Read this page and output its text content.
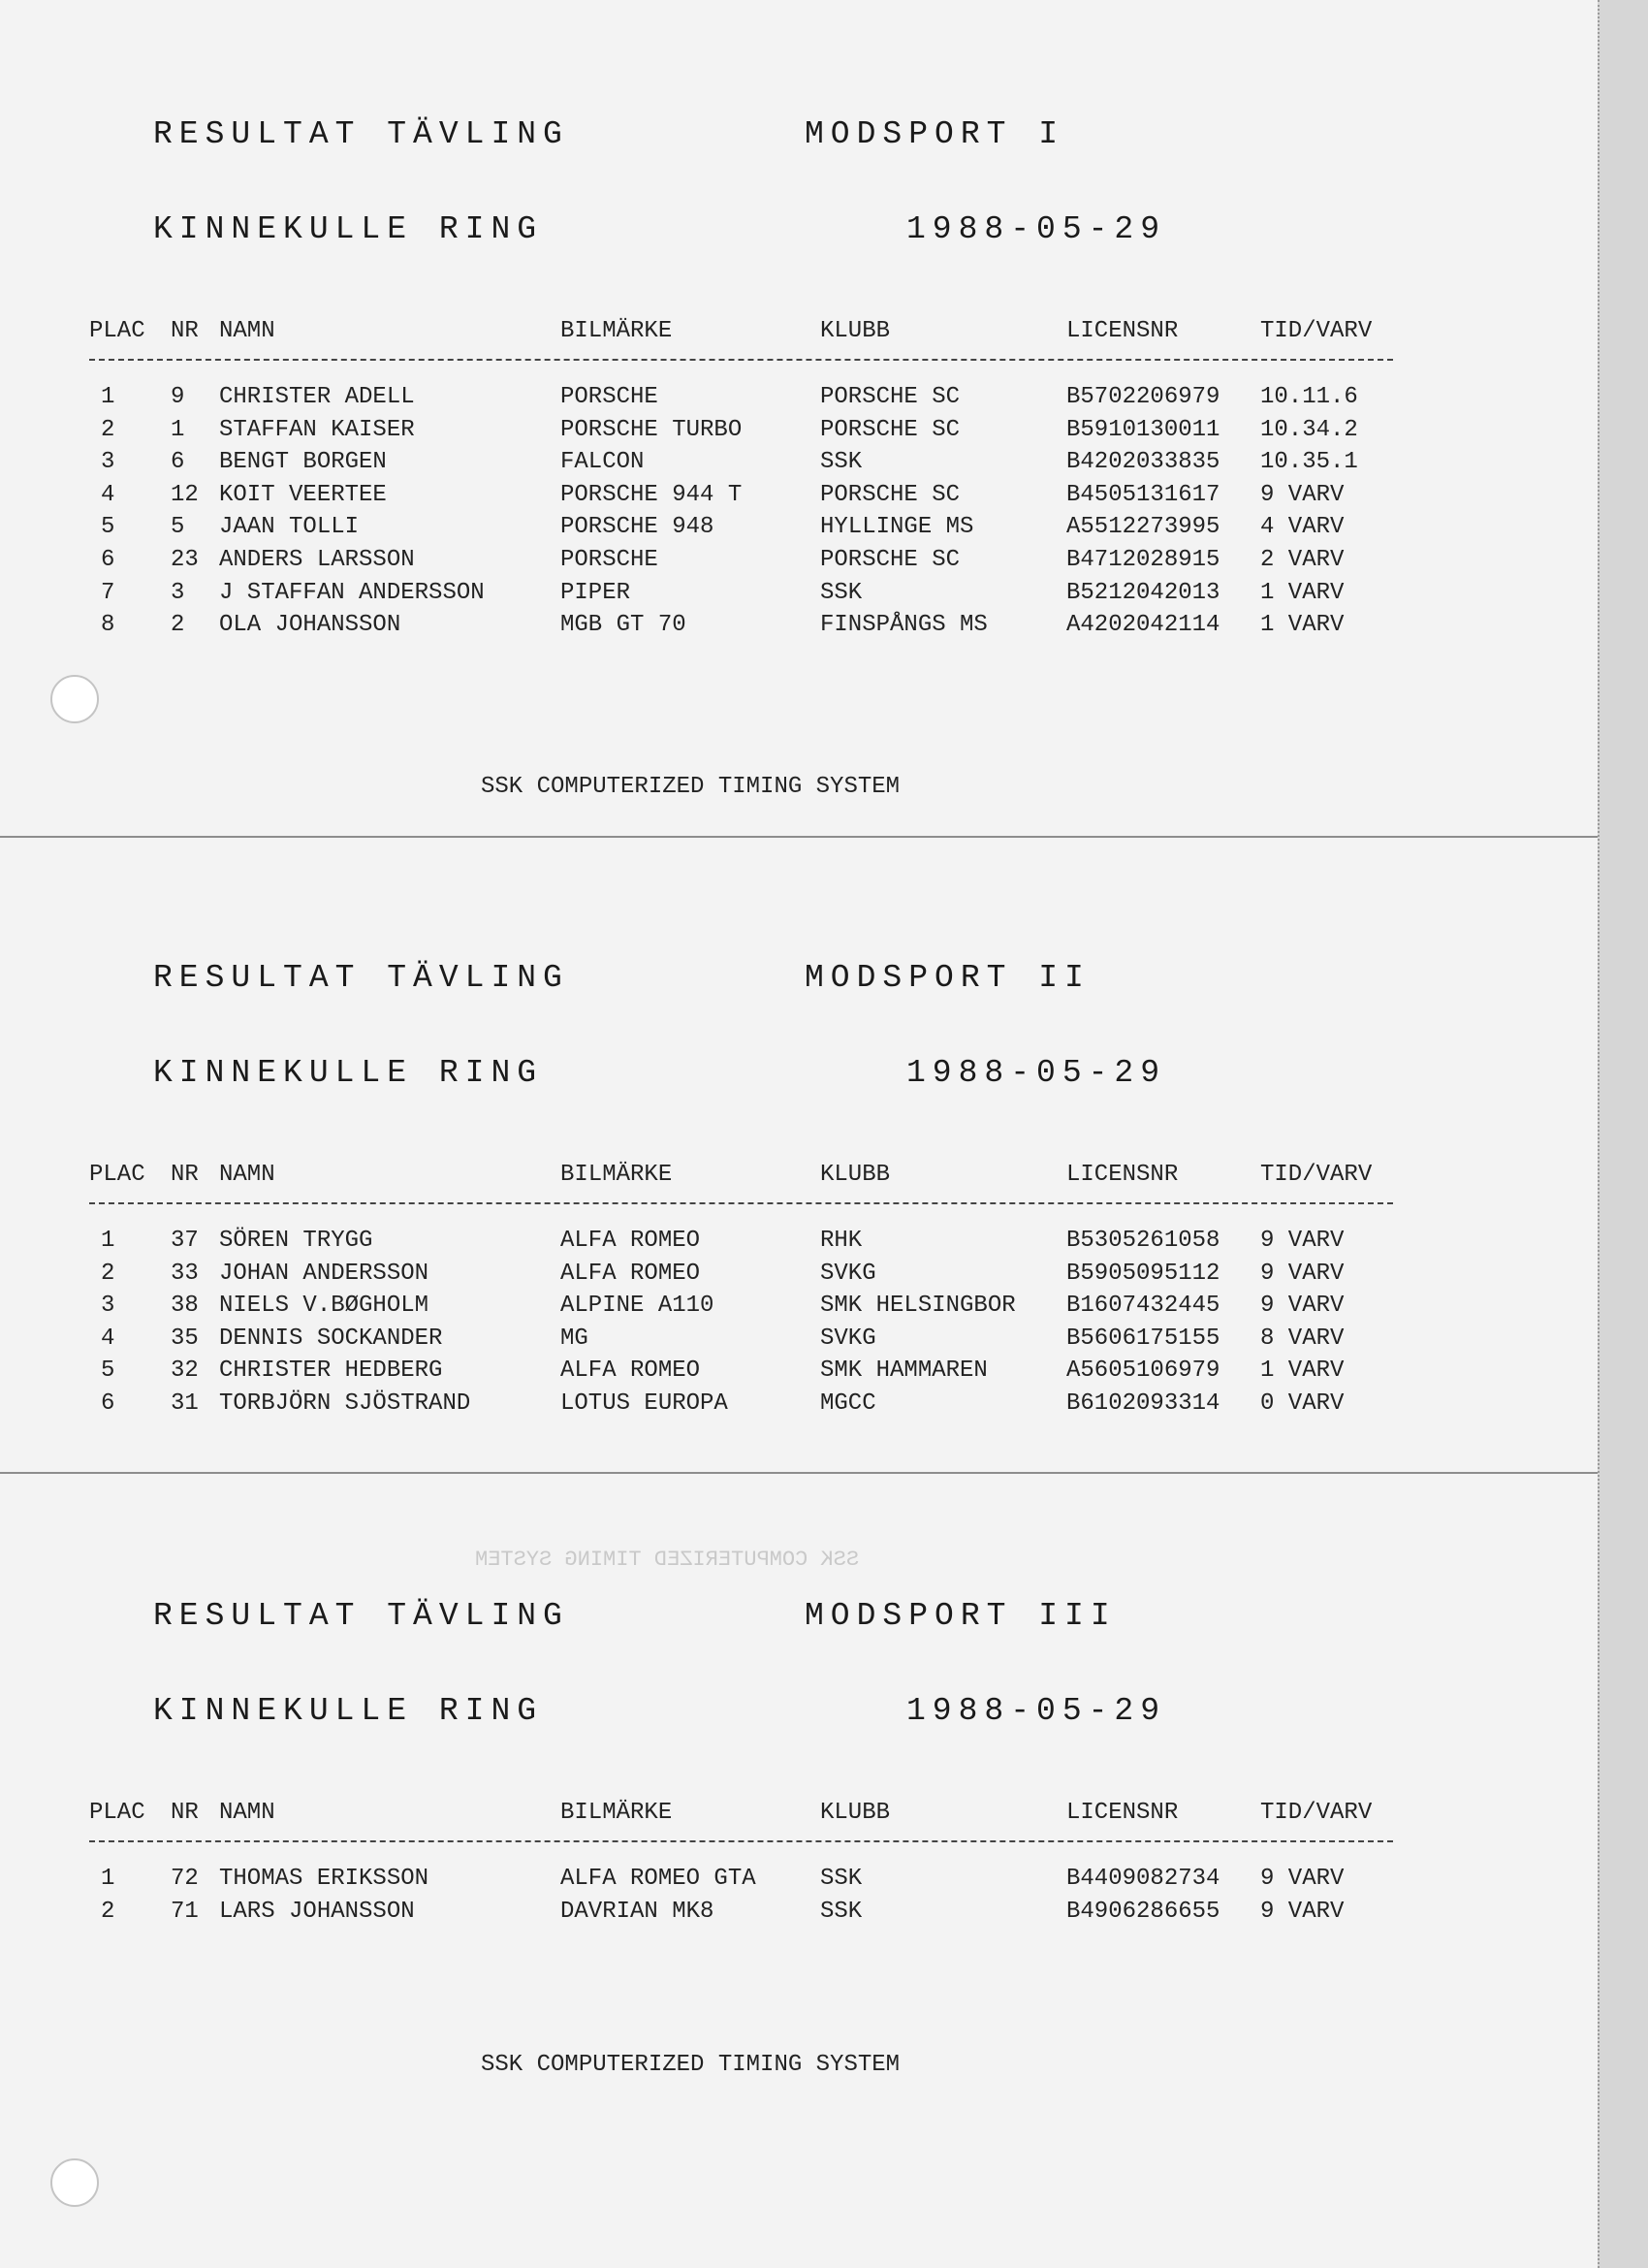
SSK COMPUTERIZED TIMING SYSTEM
RESULTAT TÄVLING	MODSPORT I
KINNEKULLE RING	1988-05-29
PLAC NR NAMN	BILMÄRKE	KLUBB	LICENSNR	TID/VARV
1 9 CHRISTER ADELL	PORSCHE	PORSCHE SC	B5702206979 10.11.6
2 1 STAFFAN KAISER	PORSCHE TURBO	PORSCHE SC	B5910130011 10.34.2
3 6 BENGT BORGEN	FALCON	SSK	B4202033835 10.35.1
4 12 KOIT VEERTEE	PORSCHE 944 T	PORSCHE SC	B4505131617 9 VARV
5 5 JAAN TOLLI	PORSCHE 948	HYLLINGE MS	A5512273995 4 VARV
6 23 ANDERS LARSSON	PORSCHE	PORSCHE SC	B4712028915 2 VARV
7 3 J STAFFAN ANDERSSON	PIPER	SSK	B5212042013 1 VARV
8 2 OLA JOHANSSON	MGB GT 70	FINSPÅNGS MS	A4202042114 1 VARV
SSK COMPUTERIZED TIMING SYSTEM
RESULTAT TÄVLING	MODSPORT II
KINNEKULLE RING	1988-05-29
PLAC NR NAMN	BILMÄRKE	KLUBB	LICENSNR	TID/VARV
1 37 SÖREN TRYGG	ALFA ROMEO	RHK	B5305261058 9 VARV
2 33 JOHAN ANDERSSON	ALFA ROMEO	SVKG	B5905095112 9 VARV
3 38 NIELS V.BØGHOLM	ALPINE A110	SMK HELSINGBOR B1607432445 9 VARV
4 35 DENNIS SOCKANDER	MG	SVKG	B5606175155 8 VARV
5 32 CHRISTER HEDBERG	ALFA ROMEO	SMK HAMMAREN	A5605106979 1 VARV
6 31 TORBJÖRN SJÖSTRAND	LOTUS EUROPA	MGCC	B6102093314 0 VARV
RESULTAT TÄVLING	MODSPORT III
KINNEKULLE RING	1988-05-29
PLAC NR NAMN	BILMÄRKE	KLUBB	LICENSNR	TID/VARV
1 72 THOMAS ERIKSSON	ALFA ROMEO GTA	SSK	B4409082734 9 VARV
2 71 LARS JOHANSSON	DAVRIAN MK8	SSK	B4906286655 9 VARV
SSK COMPUTERIZED TIMING SYSTEM
